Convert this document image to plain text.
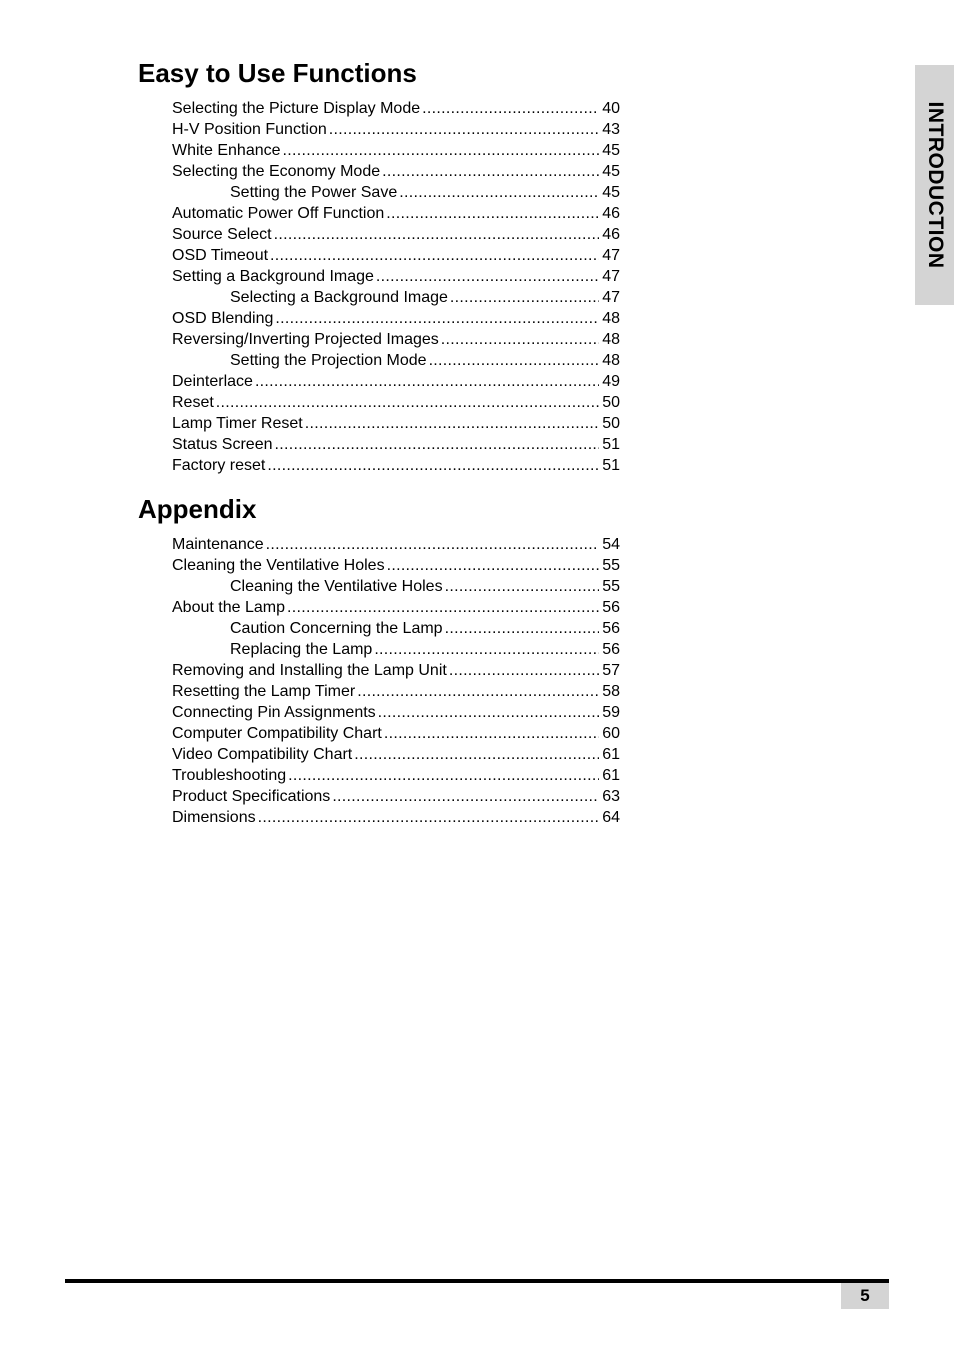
Easy to Use Functions
Selecting the Picture Display Mode .....	40
H-V Position Function .....	43
White Enhance .....	45
Selecting the Economy Mode .....	45
Setting the Power Save .....	45
Automatic Power Off Function .....	46
Source Select .....	46
OSD Timeout .....	47
Setting a Background Image .....	47
Selecting a Background Image .....	47
OSD Blending .....	48
Reversing/Inverting Projected Images .....	48
Setting the Projection Mode .....	48
Deinterlace .....	49
Reset .....	50
Lamp Timer Reset .....	50
Status Screen .....	51
Factory reset .....	51
Appendix
Maintenance .....	54
Cleaning the Ventilative Holes .....	55
Cleaning the Ventilative Holes .....	55
About the Lamp .....	56
Caution Concerning the Lamp .....	56
Replacing the Lamp .....	56
Removing and Installing the Lamp Unit .....	57
Resetting the Lamp Timer .....	58
Connecting Pin Assignments .....	59
Computer Compatibility Chart .....	60
Video Compatibility Chart .....	61
Troubleshooting .....	61
Product Specifications .....	63
Dimensions .....	64
INTRODUCTION
5
